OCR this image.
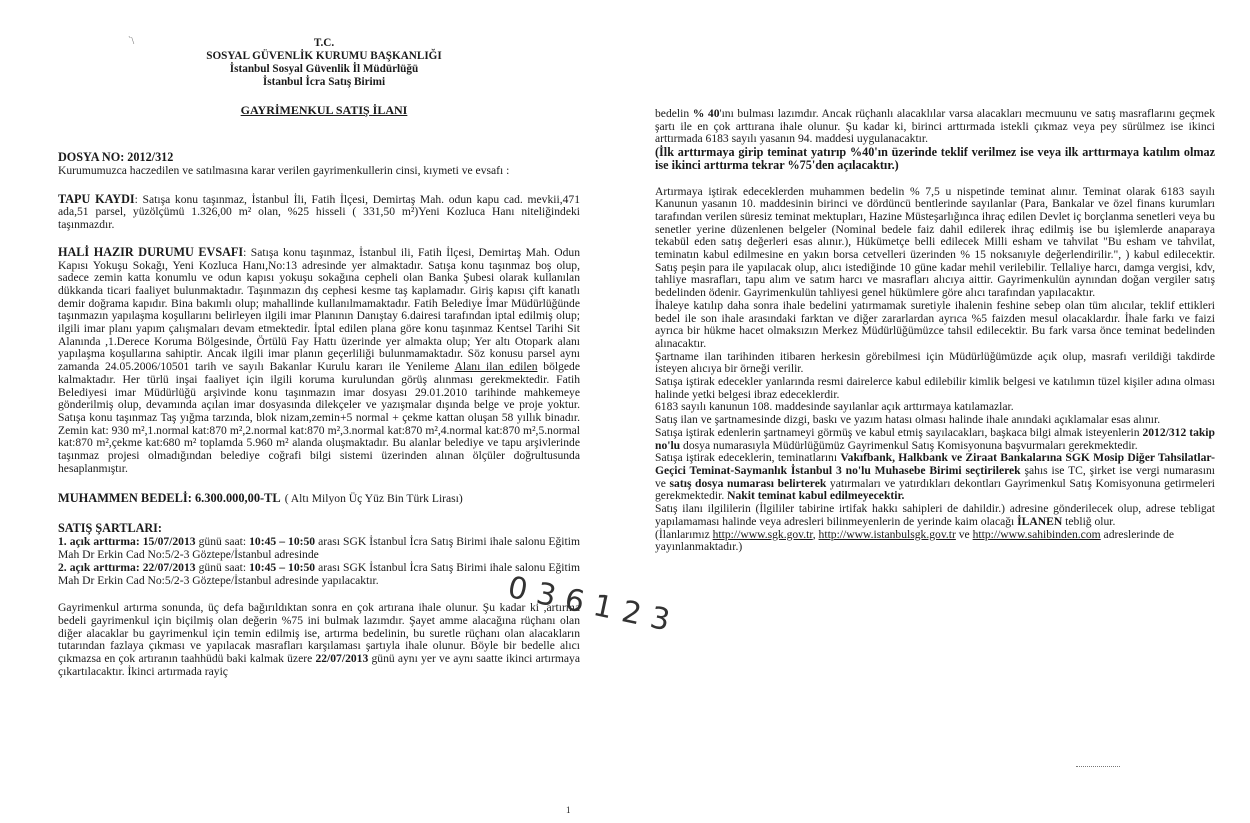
`\	T.C.
SOSYAL GÜVENLİK KURUMU BAŞKANLIĞI
İstanbul Sosyal Güvenlik İl Müdürlüğü
İstanbul İcra Satış Birimi
GAYRİMENKUL SATIŞ İLANI
DOSYA NO: 2012/312

Kurumumuzca haczedilen ve satılmasına karar verilen gayrimenkullerin cinsi, kıymeti ve evsafı :

TAPU KAYDI: Satışa konu taşınmaz, İstanbul İli, Fatih İlçesi, Demirtaş Mah. odun kapu cad. mevkii,471 ada,51 parsel, yüzölçümü 1.326,00 m² olan, %25 hisseli ( 331,50 m²)Yeni Kozluca Hanı niteliğindeki taşınmazdır.

HALİ HAZIR DURUMU EVSAFI: Satışa konu taşınmaz, İstanbul ili, Fatih İlçesi, Demirtaş Mah. Odun Kapısı Yokuşu Sokağı, Yeni Kozluca Hanı,No:13 adresinde yer almaktadır. Satışa konu taşınmaz boş olup, sadece zemin katta konumlu ve odun kapısı yokuşu sokağına cepheli olan Banka Şubesi olarak kullanılan dükkanda ticari faaliyet bulunmaktadır. Taşınmazın dış cephesi kesme taş kaplamadır. Giriş kapısı çift kanatlı demir doğrama kapıdır. Bina bakımlı olup; mahallinde kullanılmamaktadır. Fatih Belediye İmar Müdürlüğünde taşınmazın yapılaşma koşullarını belirleyen ilgili imar Planının Danıştay 6.dairesi tarafından iptal edilmiş olup; ilgili imar planı yapım çalışmaları devam etmektedir. İptal edilen plana göre konu taşınmaz Kentsel Tarihi Sit Alanında ,1.Derece Koruma Bölgesinde, Örtülü Fay Hattı üzerinde yer almakta olup; Yer altı Otopark alanı yapılaşma koşullarına sahiptir. Ancak ilgili imar planın geçerliliği bulunmamaktadır. Söz konusu parsel aynı zamanda 24.05.2006/10501 tarih ve sayılı Bakanlar Kurulu kararı ile Yenileme Alanı ilan edilen bölgede kalmaktadır. Her türlü inşai faaliyet için ilgili koruma kurulundan görüş alınması gerekmektedir. Fatih Belediyesi imar Müdürlüğü arşivinde konu taşınmazın imar dosyası 29.01.2010 tarihinde mahkemeye gönderilmiş olup, devamında açılan imar dosyasında dilekçeler ve yazışmalar dışında belge ve proje yoktur. Satışa konu taşınmaz Taş yığma tarzında, blok nizam,zemin+5 normal + çekme kattan oluşan 58 yıllık binadır. Zemin kat: 930 m²,1.normal kat:870 m²,2.normal kat:870 m²,3.normal kat:870 m²,4.normal kat:870 m²,5.normal kat:870 m²,çekme kat:680 m² toplamda 5.960 m² alanda oluşmaktadır. Bu alanlar belediye ve tapu arşivlerinde taşınmaz projesi olmadığından belediye coğrafi bilgi sistemi üzerinden alınan ölçüler doğrultusunda hesaplanmıştır.

MUHAMMEN BEDELİ: 6.300.000,00-TL ( Altı Milyon Üç Yüz Bin Türk Lirası)
SATIŞ ŞARTLARI:

1. açık arttırma: 15/07/2013 günü saat: 10:45 – 10:50 arası SGK İstanbul İcra Satış Birimi ihale salonu Eğitim Mah Dr Erkin Cad No:5/2-3 Göztepe/İstanbul adresinde

2. açık arttırma: 22/07/2013 günü saat: 10:45 – 10:50 arası SGK İstanbul İcra Satış Birimi ihale salonu Eğitim Mah Dr Erkin Cad No:5/2-3 Göztepe/İstanbul adresinde yapılacaktır.

Gayrimenkul artırma sonunda, üç defa bağırıldıktan sonra en çok artırana ihale olunur. Şu kadar ki ,artırma bedeli gayrimenkul için biçilmiş olan değerin %75 ini bulmak lazımdır. Şayet amme alacağına rüçhanı olan diğer alacaklar bu gayrimenkul için temin edilmiş ise, artırma bedelinin, bu suretle rüçhanı olan alacakların tutarından fazlaya çıkması ve yapılacak masrafları karşılaması şartıyla ihale olunur. Böyle bir bedelle alıcı çıkmazsa en çok artıranın taahhüdü baki kalmak üzere 22/07/2013 günü aynı yer ve aynı saatte ikinci artırmaya çıkartılacaktır. İkinci artırmada rayiç

036123
1

bedelin % 40'ını bulması lazımdır. Ancak rüçhanlı alacaklılar varsa alacakları mecmuunu ve satış masraflarını geçmek şartı ile en çok arttırana ihale olunur. Şu kadar ki, birinci arttırmada istekli çıkmaz veya pey sürülmez ise ikinci arttırmada 6183 sayılı yasanın 94. maddesi uygulanacaktır.

(İlk arttırmaya girip teminat yatırıp %40'ın üzerinde teklif verilmez ise veya ilk arttırmaya katılım olmaz ise ikinci arttırma tekrar %75'den açılacaktır.)

Artırmaya iştirak edeceklerden muhammen bedelin % 7,5 u nispetinde teminat alınır. Teminat olarak 6183 sayılı Kanunun yasanın 10. maddesinin birinci ve dördüncü bentlerinde sayılanlar (Para, Bankalar ve özel finans kurumları tarafından verilen süresiz teminat mektupları, Hazine Müsteşarlığınca ihraç edilen Devlet iç borçlanma senetleri veya bu senetler yerine düzenlenen belgeler (Nominal bedele faiz dahil edilerek ihraç edilmiş ise bu işlemlerde anaparaya tekabül eden satış değerleri esas alınır.), Hükümetçe belli edilecek Milli esham ve tahvilat "Bu esham ve tahvilat, teminatın kabul edilmesine en yakın borsa cetvelleri üzerinden % 15 noksanıyle değerlendirilir.", ) kabul edilecektir. Satış peşin para ile yapılacak olup, alıcı istediğinde 10 güne kadar mehil verilebilir. Tellaliye harcı, damga vergisi, kdv, tahliye masrafları, tapu alım ve satım harcı ve masrafları alıcıya aittir. Gayrimenkulün aynından doğan vergiler satış bedelinden ödenir. Gayrimenkulün tahliyesi genel hükümlere göre alıcı tarafından yapılacaktır.

İhaleye katılıp daha sonra ihale bedelini yatırmamak suretiyle ihalenin feshine sebep olan tüm alıcılar, teklif ettikleri bedel ile son ihale arasındaki farktan ve diğer zararlardan ayrıca %5 faizden mesul olacaklardır. İhale farkı ve faizi ayrıca bir hükme hacet olmaksızın Merkez Müdürlüğümüzce tahsil edilecektir. Bu fark varsa önce teminat bedelinden alınacaktır.

Şartname ilan tarihinden itibaren herkesin görebilmesi için Müdürlüğümüzde açık olup, masrafı verildiği takdirde isteyen alıcıya bir örneği verilir.

Satışa iştirak edecekler yanlarında resmi dairelerce kabul edilebilir kimlik belgesi ve katılımın tüzel kişiler adına olması halinde yetki belgesi ibraz edeceklerdir.

6183 sayılı kanunun 108. maddesinde sayılanlar açık arttırmaya katılamazlar.

Satış ilan ve şartnamesinde dizgi, baskı ve yazım hatası olması halinde ihale anındaki açıklamalar esas alınır.

Satışa iştirak edenlerin şartnameyi görmüş ve kabul etmiş sayılacakları, başkaca bilgi almak isteyenlerin 2012/312 takip no'lu dosya numarasıyla Müdürlüğümüz Gayrimenkul Satış Komisyonuna başvurmaları gerekmektedir.

Satışa iştirak edeceklerin, teminatlarını Vakıfbank, Halkbank ve Ziraat Bankalarına SGK Mosip Diğer Tahsilatlar-Geçici Teminat-Saymanlık İstanbul 3 no'lu Muhasebe Birimi seçtirilerek şahıs ise TC, şirket ise vergi numarasını ve satış dosya numarası belirterek yatırmaları ve yatırdıkları dekontları Gayrimenkul Satış Komisyonuna getirmeleri gerekmektedir. Nakit teminat kabul edilmeyecektir.

Satış ilanı ilgililerin (İlgililer tabirine irtifak hakkı sahipleri de dahildir.) adresine gönderilecek olup, adrese tebligat yapılamaması halinde veya adresleri bilinmeyenlerin de yerinde kaim olacağı İLANEN tebliğ olur.

(İlanlarımız http://www.sgk.gov.tr, http://www.istanbulsgk.gov.tr ve http://www.sahibinden.com adreslerinde de yayınlanmaktadır.)
